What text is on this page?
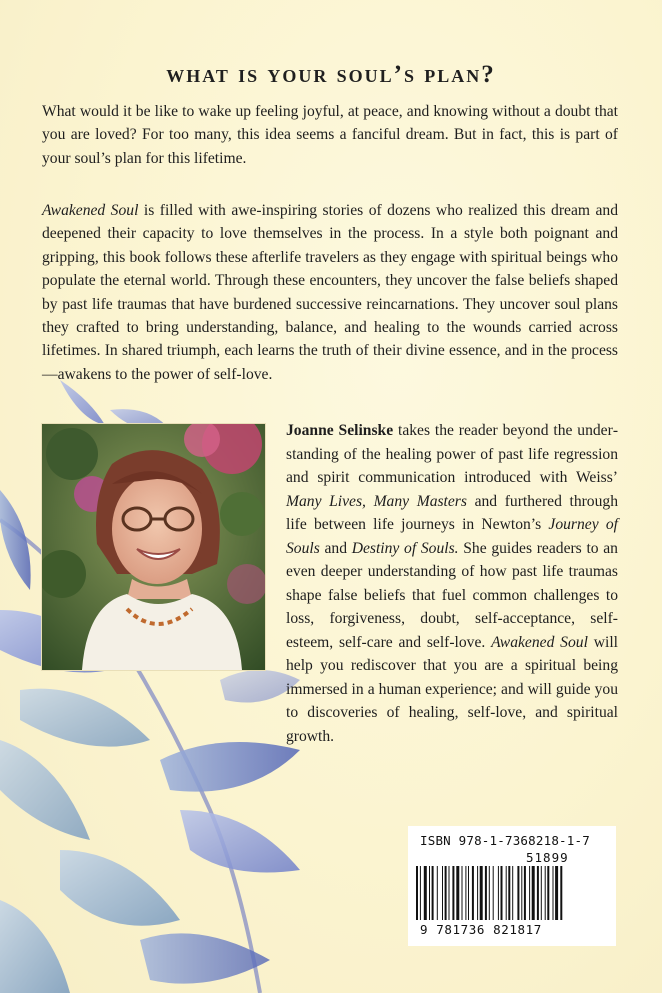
what is your soul’s plan?

What would it be like to wake up feeling joyful, at peace, and knowing without a doubt that you are loved? For too many, this idea seems a fanciful dream. But in fact, this is part of your soul’s plan for this lifetime.

Awakened Soul is filled with awe-inspiring stories of dozens who realized this dream and deepened their capacity to love themselves in the process. In a style both poignant and gripping, this book follows these afterlife travelers as they engage with spiritual beings who populate the eternal world. Through these encounters, they uncover the false beliefs shaped by past life traumas that have burdened successive reincarnations. They uncover soul plans they crafted to bring understanding, balance, and healing to the wounds carried across lifetimes. In shared triumph, each learns the truth of their divine essence, and in the process—awakens to the power of self-love.

Joanne Selinske takes the reader beyond the understanding of the healing power of past life regression and spirit communication introduced with Weiss’ Many Lives, Many Masters and furthered through life between life journeys in Newton’s Journey of Souls and Destiny of Souls. She guides readers to an even deeper understanding of how past life traumas shape false beliefs that fuel common challenges to loss, forgiveness, doubt, self-acceptance, self-esteem, self-care and self-love. Awakened Soul will help you rediscover that you are a spiritual being immersed in a human experience; and will guide you to discoveries of healing, self-love, and spiritual growth.

ISBN 978-1-7368218-1-7
51899
9 781736 821817
